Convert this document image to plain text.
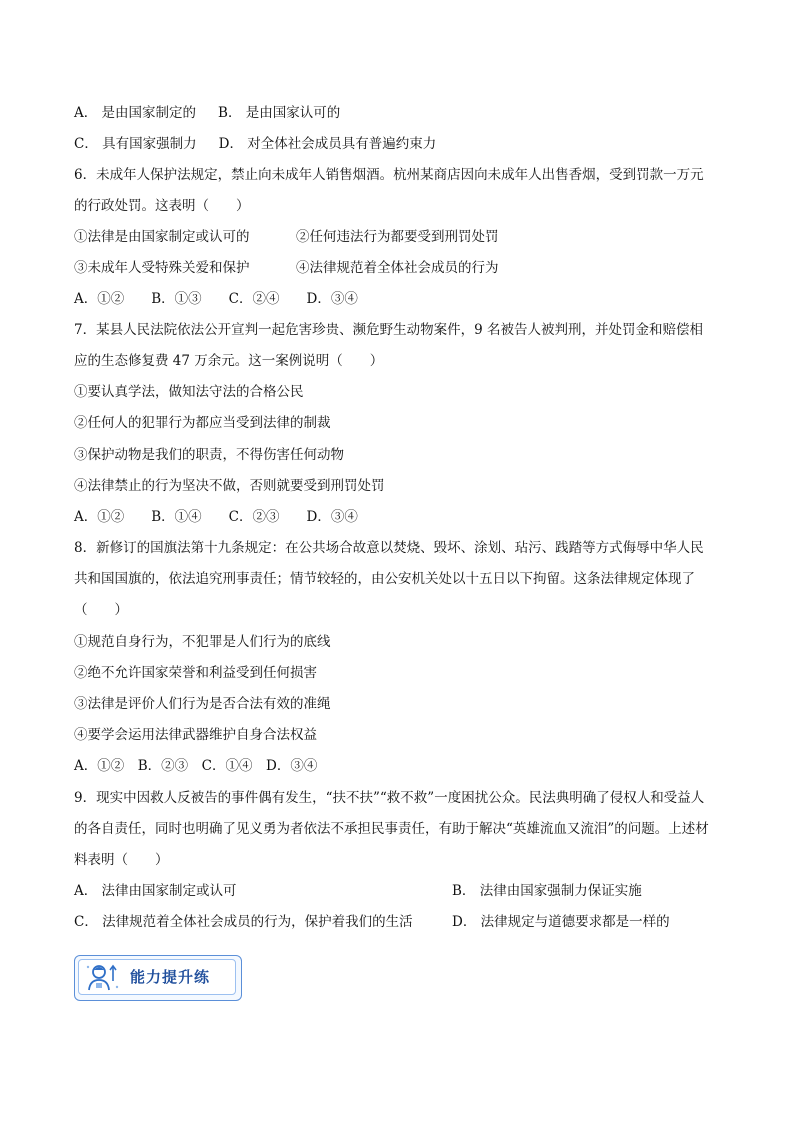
A． 是由国家制定的 B． 是由国家认可的
C． 具有国家强制力 D． 对全体社会成员具有普遍约束力
6．未成年人保护法规定，禁止向未成年人销售烟酒。杭州某商店因向未成年人出售香烟，受到罚款一万元
的行政处罚。这表明（　　）
①法律是由国家制定或认可的	②任何违法行为都要受到刑罚处罚
③未成年人受特殊关爱和保护	④法律规范着全体社会成员的行为
A．①②　　B．①③　　C．②④　　D．③④
7．某县人民法院依法公开宣判一起危害珍贵、濒危野生动物案件，9 名被告人被判刑，并处罚金和赔偿相
应的生态修复费 47 万余元。这一案例说明（　　）
①要认真学法，做知法守法的合格公民
②任何人的犯罪行为都应当受到法律的制裁
③保护动物是我们的职责，不得伤害任何动物
④法律禁止的行为坚决不做，否则就要受到刑罚处罚
A．①②　　B．①④　　C．②③　　D．③④
8．新修订的国旗法第十九条规定：在公共场合故意以焚烧、毁坏、涂划、玷污、践踏等方式侮辱中华人民
共和国国旗的，依法追究刑事责任；情节较轻的，由公安机关处以十五日以下拘留。这条法律规定体现了
（　　）
①规范自身行为，不犯罪是人们行为的底线
②绝不允许国家荣誉和利益受到任何损害
③法律是评价人们行为是否合法有效的准绳
④要学会运用法律武器维护自身合法权益
A．①②　B．②③　C．①④　D．③④
9．现实中因救人反被告的事件偶有发生，“扶不扶”“救不救”一度困扰公众。民法典明确了侵权人和受益人
的各自责任，同时也明确了见义勇为者依法不承担民事责任，有助于解决“英雄流血又流泪”的问题。上述材
料表明（　　）
A． 法律由国家制定或认可	B． 法律由国家强制力保证实施
C． 法律规范着全体社会成员的行为，保护着我们的生活	D． 法律规定与道德要求都是一样的
能力提升练
